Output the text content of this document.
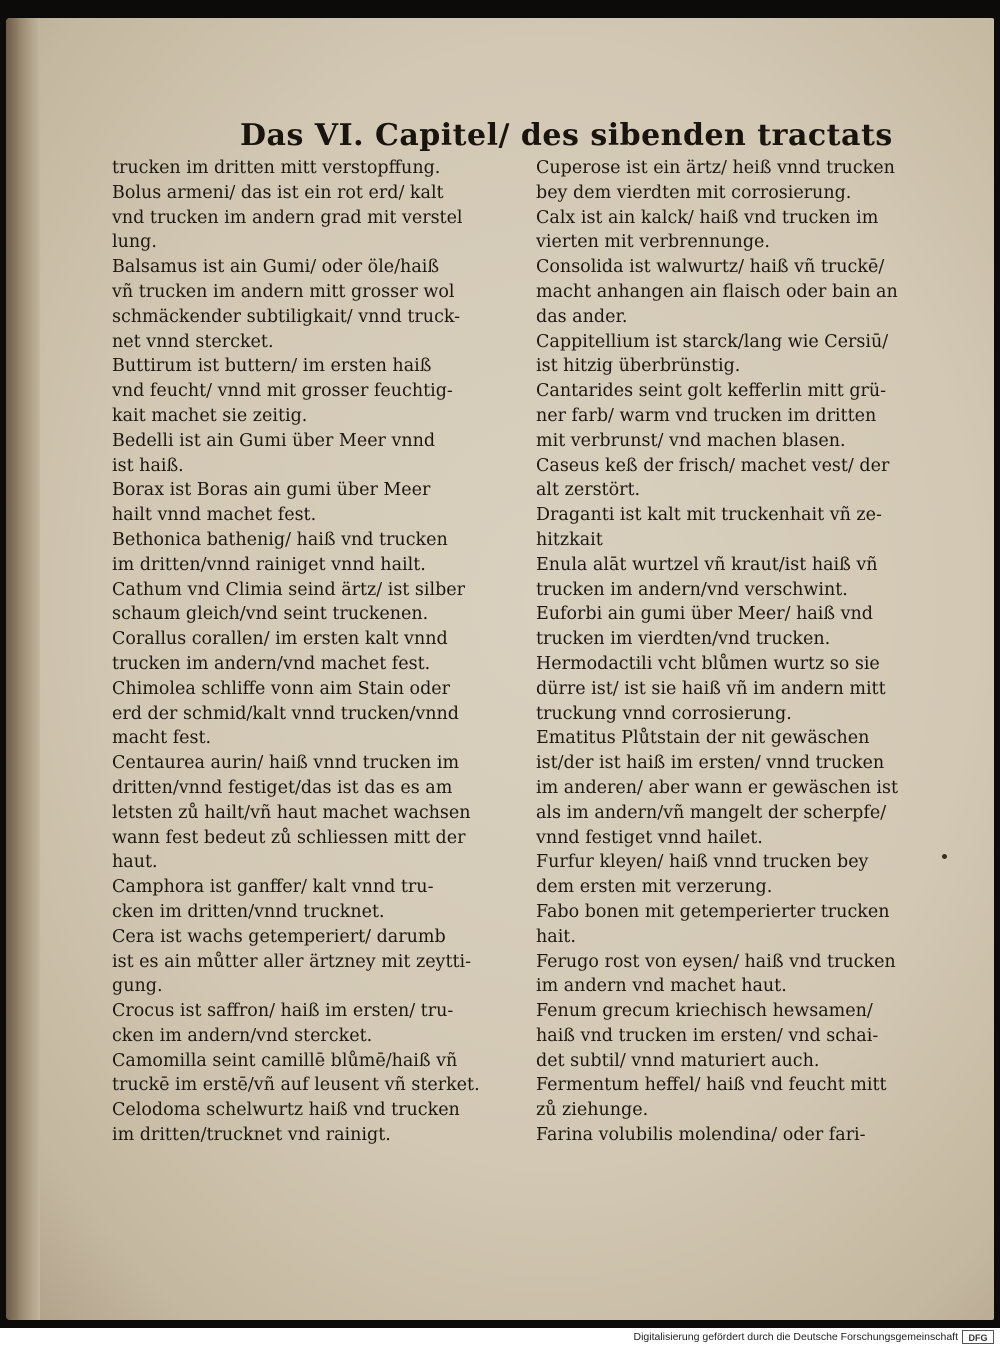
Das VI. Capitel/ des sibenden tractats
trucken im dritten mitt verstopffung.
Bolus armeni/ das ist ein rot erd/ kalt
vnd trucken im andern grad mit verstel
lung.
Balsamus ist ain Gumi/ oder öle/haiß
vñ trucken im andern mitt grosser wol
schmäckender subtiligkait/ vnnd truck-
net vnnd stercket.
Buttirum ist buttern/ im ersten haiß
vnd feucht/ vnnd mit grosser feuchtig-
kait machet sie zeitig.
Bedelli ist ain Gumi über Meer vnnd
ist haiß.
Borax ist Boras ain gumi über Meer
hailt vnnd machet fest.
Bethonica bathenig/ haiß vnd trucken
im dritten/vnnd rainiget vnnd hailt.
Cathum vnd Climia seind ärtz/ ist silber
schaum gleich/vnd seint truckenen.
Corallus corallen/ im ersten kalt vnnd
trucken im andern/vnd machet fest.
Chimolea schliffe vonn aim Stain oder
erd der schmid/kalt vnnd trucken/vnnd
macht fest.
Centaurea aurin/ haiß vnnd trucken im
dritten/vnnd festiget/das ist das es am
letsten zů hailt/vñ haut machet wachsen
wann fest bedeut zů schliessen mitt der
haut.
Camphora ist ganffer/ kalt vnnd tru-
cken im dritten/vnnd trucknet.
Cera ist wachs getemperiert/ darumb
ist es ain můtter aller ärtzney mit zeytti-
gung.
Crocus ist saffron/ haiß im ersten/ tru-
cken im andern/vnd stercket.
Camomilla seint camillē blůmē/haiß vñ
truckē im erstē/vñ auf leusent vñ sterket.
Celodoma schelwurtz haiß vnd trucken
im dritten/trucknet vnd rainigt.
Cuperose ist ein ärtz/ heiß vnnd trucken
bey dem vierdten mit corrosierung.
Calx ist ain kalck/ haiß vnd trucken im
vierten mit verbrennunge.
Consolida ist walwurtz/ haiß vñ truckē/
macht anhangen ain flaisch oder bain an
das ander.
Cappitellium ist starck/lang wie Cersiū/
ist hitzig überbrünstig.
Cantarides seint golt kefferlin mitt grü-
ner farb/ warm vnd trucken im dritten
mit verbrunst/ vnd machen blasen.
Caseus keß der frisch/ machet vest/ der
alt zerstört.
Draganti ist kalt mit truckenhait vñ ze-
hitzkait
Enula alāt wurtzel vñ kraut/ist haiß vñ
trucken im andern/vnd verschwint.
Euforbi ain gumi über Meer/ haiß vnd
trucken im vierdten/vnd trucken.
Hermodactili vcht blůmen wurtz so sie
dürre ist/ ist sie haiß vñ im andern mitt
truckung vnnd corrosierung.
Ematitus Plůtstain der nit gewäschen
ist/der ist haiß im ersten/ vnnd trucken
im anderen/ aber wann er gewäschen ist
als im andern/vñ mangelt der scherpfe/
vnnd festiget vnnd hailet.
Furfur kleyen/ haiß vnnd trucken bey
dem ersten mit verzerung.
Fabo bonen mit getemperierter trucken
hait.
Ferugo rost von eysen/ haiß vnd trucken
im andern vnd machet haut.
Fenum grecum kriechisch hewsamen/
haiß vnd trucken im ersten/ vnd schai-
det subtil/ vnnd maturiert auch.
Fermentum heffel/ haiß vnd feucht mitt
zů ziehunge.
Farina volubilis molendina/ oder fari-
Digitalisierung gefördert durch die Deutsche Forschungsgemeinschaft	DFG
